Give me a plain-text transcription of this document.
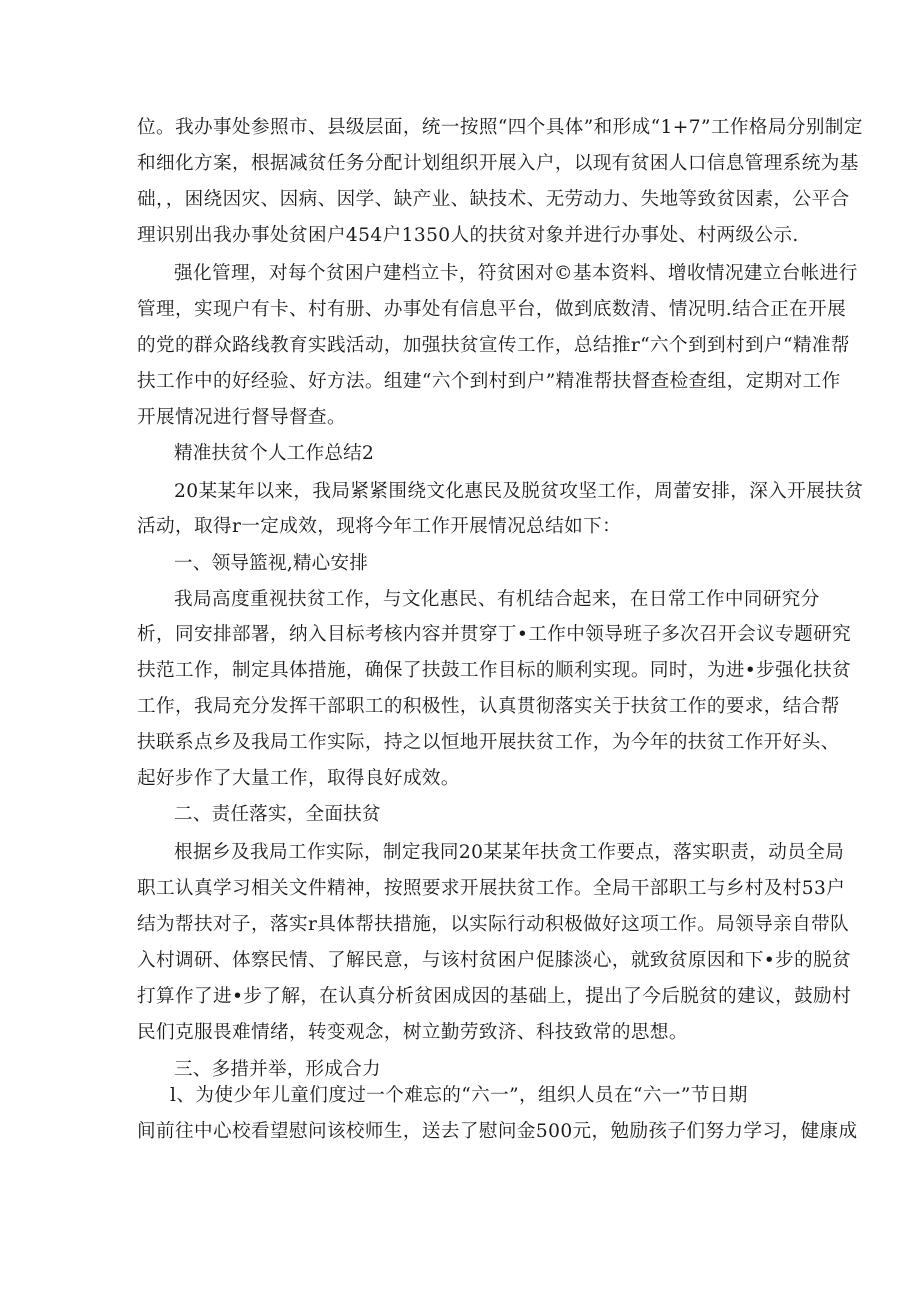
位。我办事处参照市、县级层面，统一按照“四个具体”和形成“1+7”工作格局分别制定
和细化方案，根据减贫任务分配计划组织开展入户，以现有贫困人口信息管理系统为基
础，，困绕因灾、因病、因学、缺产业、缺技术、无劳动力、失地等致贫因素，公平合
理识别出我办事处贫困户454户1350人的扶贫对象并进行办事处、村两级公示.
强化管理，对每个贫困户建档立卡，符贫困对©基本资料、增收情况建立台帐进行
管理，实现户有卡、村有册、办事处有信息平台，做到底数清、情况明.结合正在开展
的党的群众路线教育实践活动，加强扶贫宣传工作，总结推r“六个到到村到户“精准帮
扶工作中的好经验、好方法。组建“六个到村到户”精准帮扶督查检查组，定期对工作
开展情况进行督导督查。
精准扶贫个人工作总结2
20某某年以来，我局紧紧围绕文化惠民及脱贫攻坚工作，周蕾安排，深入开展扶贫
活动，取得r一定成效，现将今年工作开展情况总结如下：
一、领导篮视,精心安排
我局高度重视扶贫工作，与文化惠民、有机结合起来，在日常工作中同研究分
析，同安排部署，纳入目标考核内容并贯穿丁•工作中领导班子多次召开会议专题研究
扶范工作，制定具体措施，确保了扶鼓工作目标的顺利实现。同时，为进•步强化扶贫
工作，我局充分发挥干部职工的积极性，认真贯彻落实关于扶贫工作的要求，结合帮
扶联系点乡及我局工作实际，持之以恒地开展扶贫工作，为今年的扶贫工作开好头、
起好步作了大量工作，取得良好成效。
二、责任落实，全面扶贫
根据乡及我局工作实际，制定我同20某某年扶贪工作要点，落实职责，动员全局
职工认真学习相关文件精神，按照要求开展扶贫工作。全局干部职工与乡村及村53户
结为帮扶对子，落实r具体帮扶措施，以实际行动积极做好这项工作。局领导亲自带队
入村调研、体察民情、了解民意，与该村贫困户促膝淡心，就致贫原因和下•步的脱贫
打算作了进•步了解，在认真分析贫困成因的基础上，提出了今后脱贫的建议，鼓励村
民们克服畏难情绪，转变观念，树立勤劳致济、科技致常的思想。
三、多措并举，形成合力
l、为使少年儿童们度过一个难忘的“六一”，组织人员在“六一”节日期
间前往中心校看望慰问该校师生，送去了慰问金500元，勉励孩子们努力学习，健康成
